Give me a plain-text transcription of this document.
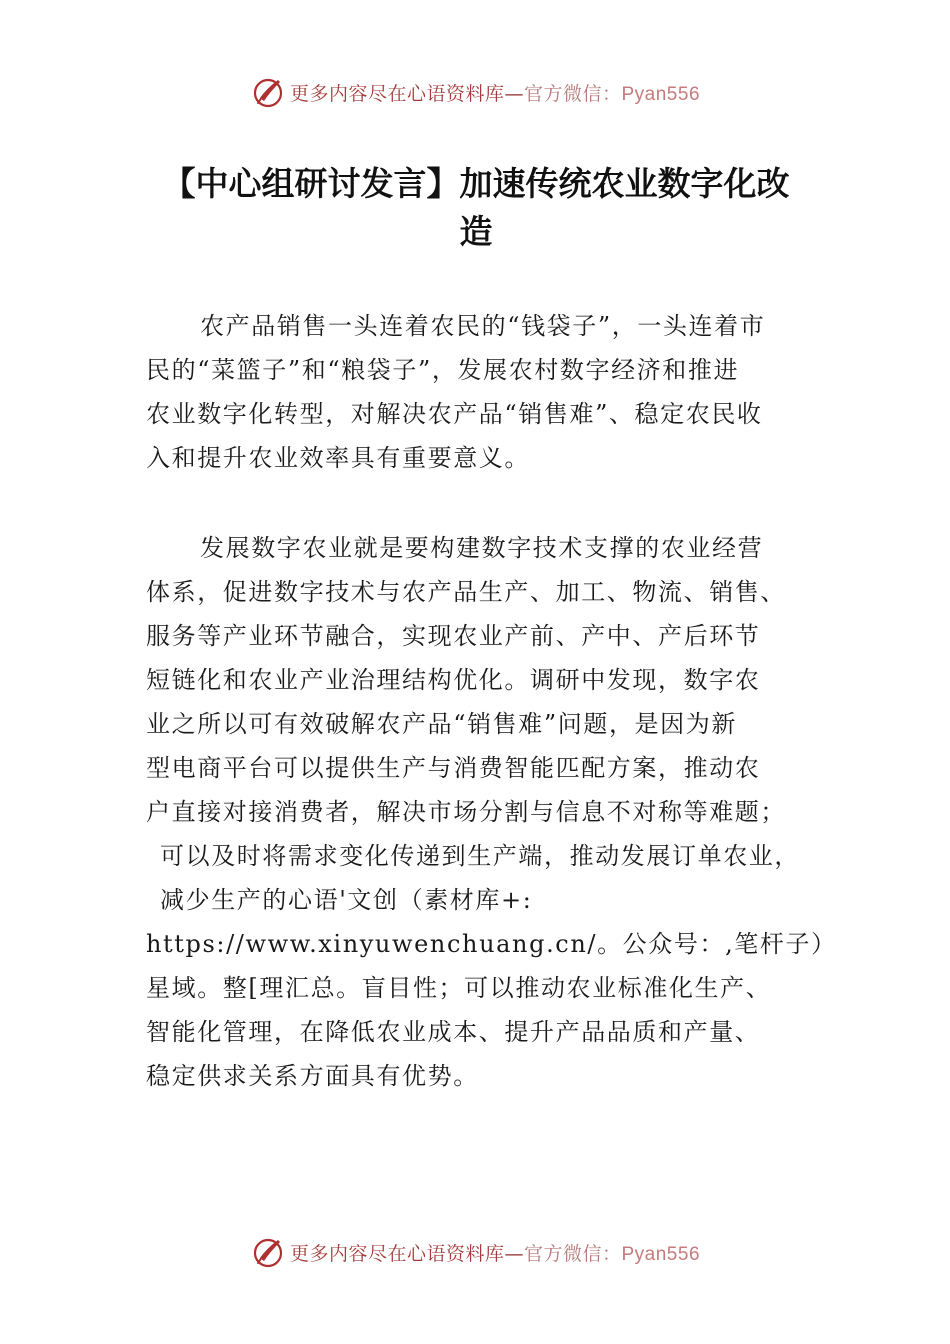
更多内容尽在心语资料库—官方微信：Pyan556
【中心组研讨发言】加速传统农业数字化改
造
农产品销售一头连着农民的“钱袋子”，一头连着市
民的“菜篮子”和“粮袋子”，发展农村数字经济和推进
农业数字化转型，对解决农产品“销售难”、稳定农民收
入和提升农业效率具有重要意义。
发展数字农业就是要构建数字技术支撑的农业经营
体系，促进数字技术与农产品生产、加工、物流、销售、
服务等产业环节融合，实现农业产前、产中、产后环节
短链化和农业产业治理结构优化。调研中发现，数字农
业之所以可有效破解农产品“销售难”问题，是因为新
型电商平台可以提供生产与消费智能匹配方案，推动农
户直接对接消费者，解决市场分割与信息不对称等难题；
可以及时将需求变化传递到生产端，推动发展订单农业，
减少生产的心语'文创（素材库+:
https://www.xinyuwenchuang.cn/。公众号：,笔杆子）
星域。整[理汇总。盲目性；可以推动农业标准化生产、
智能化管理，在降低农业成本、提升产品品质和产量、
稳定供求关系方面具有优势。
更多内容尽在心语资料库—官方微信：Pyan556
